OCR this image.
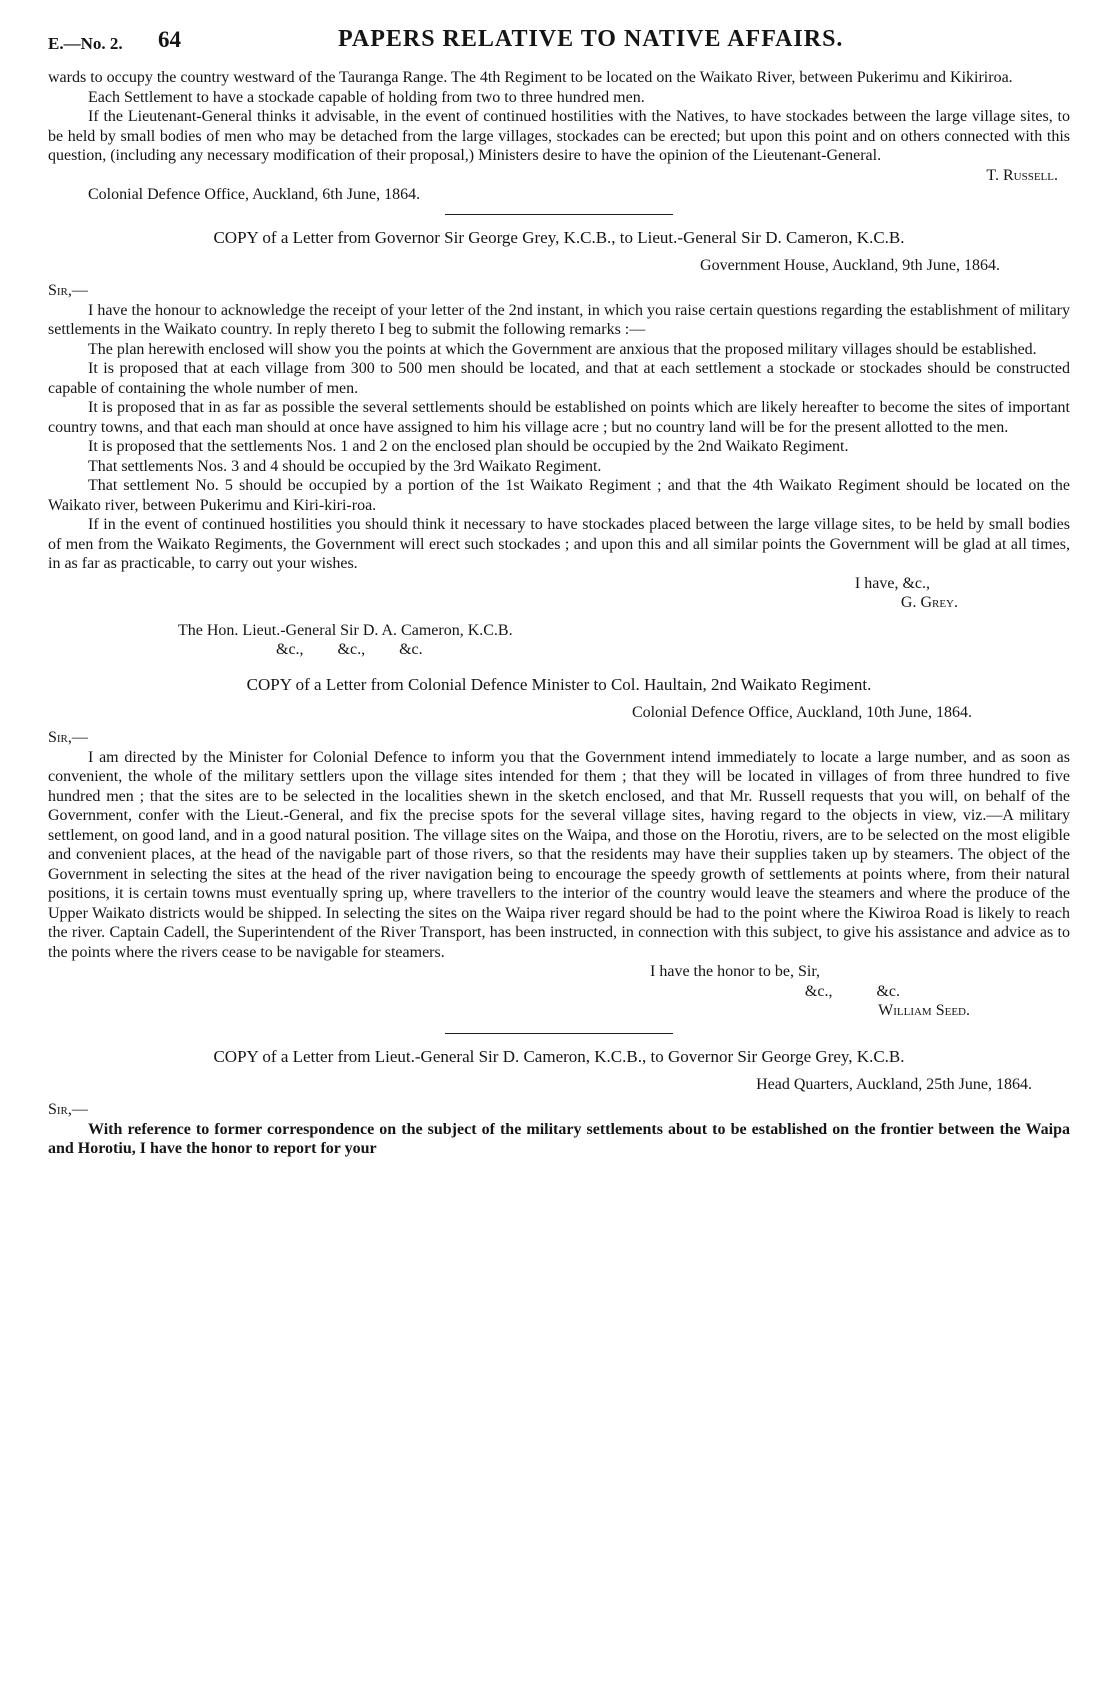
E.—No. 2. 64	PAPERS RELATIVE TO NATIVE AFFAIRS.

wards to occupy the country westward of the Tauranga Range. The 4th Regiment to be located on the Waikato River, between Pukerimu and Kikiriroa.

Each Settlement to have a stockade capable of holding from two to three hundred men.

If the Lieutenant-General thinks it advisable, in the event of continued hostilities with the Natives, to have stockades between the large village sites, to be held by small bodies of men who may be detached from the large villages, stockades can be erected; but upon this point and on others connected with this question, (including any necessary modification of their proposal,) Ministers desire to have the opinion of the Lieutenant-General.

T. Russell.

Colonial Defence Office, Auckland, 6th June, 1864.

COPY of a Letter from Governor Sir George Grey, K.C.B., to Lieut.-General Sir D. Cameron, K.C.B.

Government House, Auckland, 9th June, 1864.

Sir,—

I have the honour to acknowledge the receipt of your letter of the 2nd instant, in which you raise certain questions regarding the establishment of military settlements in the Waikato country. In reply thereto I beg to submit the following remarks :—

The plan herewith enclosed will show you the points at which the Government are anxious that the proposed military villages should be established.

It is proposed that at each village from 300 to 500 men should be located, and that at each settlement a stockade or stockades should be constructed capable of containing the whole number of men.

It is proposed that in as far as possible the several settlements should be established on points which are likely hereafter to become the sites of important country towns, and that each man should at once have assigned to him his village acre ; but no country land will be for the present allotted to the men.

It is proposed that the settlements Nos. 1 and 2 on the enclosed plan should be occupied by the 2nd Waikato Regiment.

That settlements Nos. 3 and 4 should be occupied by the 3rd Waikato Regiment.

That settlement No. 5 should be occupied by a portion of the 1st Waikato Regiment ; and that the 4th Waikato Regiment should be located on the Waikato river, between Pukerimu and Kiri-kiri-roa.

If in the event of continued hostilities you should think it necessary to have stockades placed between the large village sites, to be held by small bodies of men from the Waikato Regiments, the Government will erect such stockades ; and upon this and all similar points the Government will be glad at all times, in as far as practicable, to carry out your wishes.

I have, &c.,

G. Grey.

The Hon. Lieut.-General Sir D. A. Cameron, K.C.B.

&c., &c., &c.

COPY of a Letter from Colonial Defence Minister to Col. Haultain, 2nd Waikato Regiment.

Colonial Defence Office, Auckland, 10th June, 1864.

Sir,—

I am directed by the Minister for Colonial Defence to inform you that the Government intend immediately to locate a large number, and as soon as convenient, the whole of the military settlers upon the village sites intended for them ; that they will be located in villages of from three hundred to five hundred men ; that the sites are to be selected in the localities shewn in the sketch enclosed, and that Mr. Russell requests that you will, on behalf of the Government, confer with the Lieut.-General, and fix the precise spots for the several village sites, having regard to the objects in view, viz.—A military settlement, on good land, and in a good natural position. The village sites on the Waipa, and those on the Horotiu, rivers, are to be selected on the most eligible and convenient places, at the head of the navigable part of those rivers, so that the residents may have their supplies taken up by steamers. The object of the Government in selecting the sites at the head of the river navigation being to encourage the speedy growth of settlements at points where, from their natural positions, it is certain towns must eventually spring up, where travellers to the interior of the country would leave the steamers and where the produce of the Upper Waikato districts would be shipped. In selecting the sites on the Waipa river regard should be had to the point where the Kiwiroa Road is likely to reach the river. Captain Cadell, the Superintendent of the River Transport, has been instructed, in connection with this subject, to give his assistance and advice as to the points where the rivers cease to be navigable for steamers.

I have the honor to be, Sir,

&c., &c.

William Seed.

COPY of a Letter from Lieut.-General Sir D. Cameron, K.C.B., to Governor Sir George Grey, K.C.B.

Head Quarters, Auckland, 25th June, 1864.

Sir,—

With reference to former correspondence on the subject of the military settlements about to be established on the frontier between the Waipa and Horotiu, I have the honor to report for your
